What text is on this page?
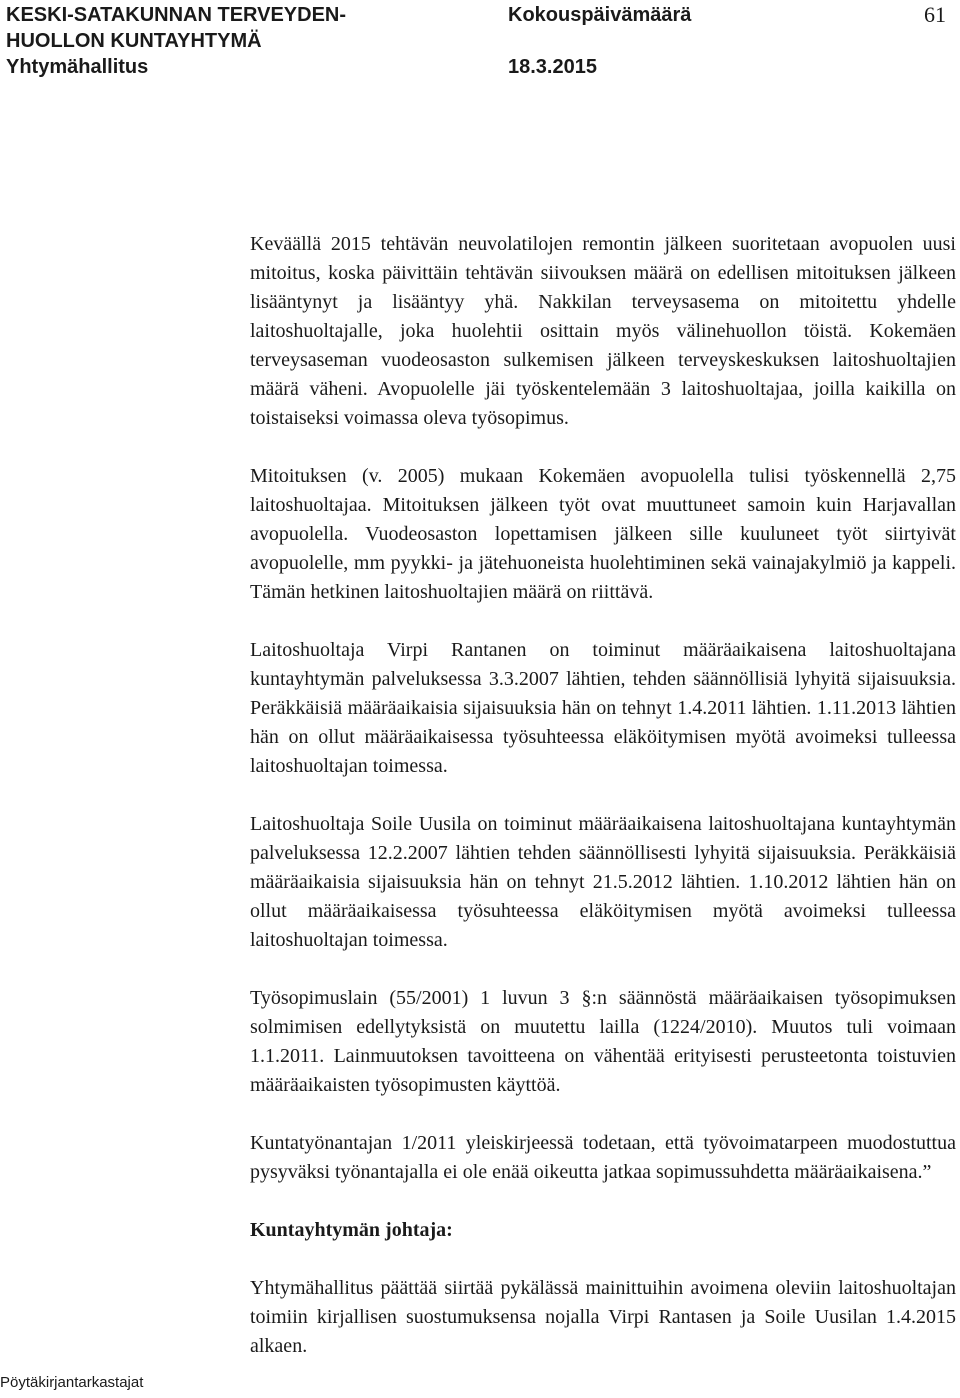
KESKI-SATAKUNNAN TERVEYDEN-
HUOLLON KUNTAYHTYMÄ
Yhtymähallitus
Kokouspäivämäärä
18.3.2015
61

Keväällä 2015 tehtävän neuvolatilojen remontin jälkeen suoritetaan avopuolen uusi mitoitus, koska päivittäin tehtävän siivouksen määrä on edellisen mitoituksen jälkeen lisääntynyt ja lisääntyy yhä. Nakkilan terveysasema on mitoitettu yhdelle laitoshuoltajalle, joka huolehtii osittain myös välinehuollon töistä. Kokemäen terveysaseman vuodeosaston sulkemisen jälkeen terveyskeskuksen laitoshuoltajien määrä väheni. Avopuolelle jäi työskentelemään 3 laitoshuoltajaa, joilla kaikilla on toistaiseksi voimassa oleva työsopimus.

Mitoituksen (v. 2005) mukaan Kokemäen avopuolella tulisi työskennellä 2,75 laitoshuoltajaa. Mitoituksen jälkeen työt ovat muuttuneet samoin kuin Harjavallan avopuolella. Vuodeosaston lopettamisen jälkeen sille kuuluneet työt siirtyivät avopuolelle, mm pyykki- ja jätehuoneista huolehtiminen sekä vainajakylmiö ja kappeli. Tämän hetkinen laitoshuoltajien määrä on riittävä.

Laitoshuoltaja Virpi Rantanen on toiminut määräaikaisena laitoshuoltajana kuntayhtymän palveluksessa 3.3.2007 lähtien, tehden säännöllisiä lyhyitä sijaisuuksia. Peräkkäisiä määräaikaisia sijaisuuksia hän on tehnyt 1.4.2011 lähtien. 1.11.2013 lähtien hän on ollut määräaikaisessa työsuhteessa eläköitymisen myötä avoimeksi tulleessa laitoshuoltajan toimessa.

Laitoshuoltaja Soile Uusila on toiminut määräaikaisena laitoshuoltajana kuntayhtymän palveluksessa 12.2.2007 lähtien tehden säännöllisesti lyhyitä sijaisuuksia. Peräkkäisiä määräaikaisia sijaisuuksia hän on tehnyt 21.5.2012 lähtien. 1.10.2012 lähtien hän on ollut määräaikaisessa työsuhteessa eläköitymisen myötä avoimeksi tulleessa laitoshuoltajan toimessa.

Työsopimuslain (55/2001) 1 luvun 3 §:n säännöstä määräaikaisen työsopimuksen solmimisen edellytyksistä on muutettu lailla (1224/2010). Muutos tuli voimaan 1.1.2011. Lainmuutoksen tavoitteena on vähentää erityisesti perusteetonta toistuvien määräaikaisten työsopimusten käyttöä.

Kuntatyönantajan 1/2011 yleiskirjeessä todetaan, että työvoimatarpeen muodostuttua pysyväksi työnantajalla ei ole enää oikeutta jatkaa sopimussuhdetta määräaikaisena.”

Kuntayhtymän johtaja:

Yhtymähallitus päättää siirtää pykälässä mainittuihin avoimena oleviin laitoshuoltajan toimiin kirjallisen suostumuksensa nojalla Virpi Rantasen ja Soile Uusilan 1.4.2015 alkaen.

Pöytäkirjantarkastajat
